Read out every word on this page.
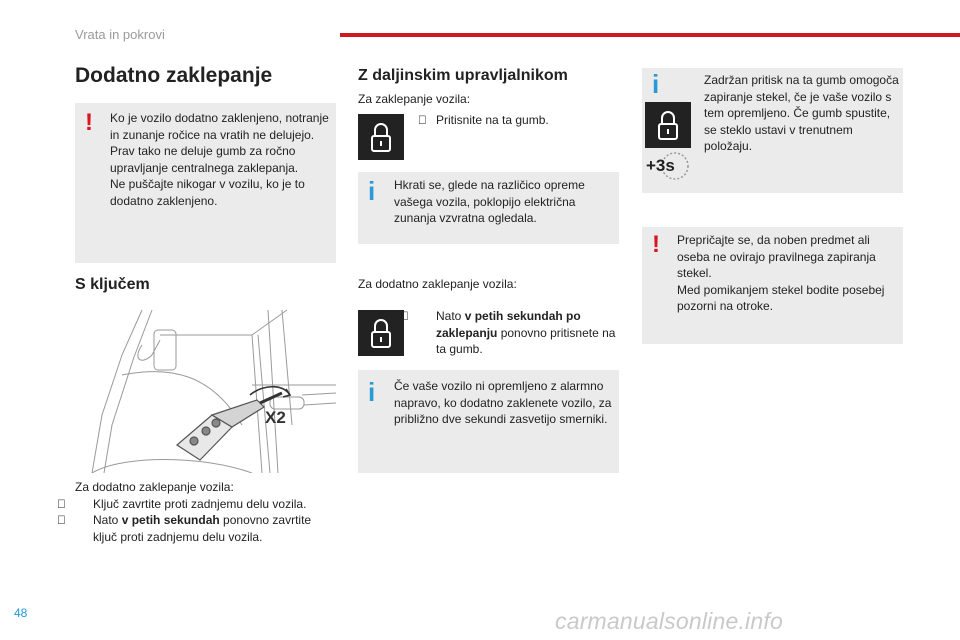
Vrata in pokrovi
Dodatno zaklepanje
! Ko je vozilo dodatno zaklenjeno, notranje in zunanje ročice na vratih ne delujejo.
Prav tako ne deluje gumb za ročno upravljanje centralnega zaklepanja.
Ne puščajte nikogar v vozilu, ko je to dodatno zaklenjeno.
S ključem
X2
Za dodatno zaklepanje vozila:
Ključ zavrtite proti zadnjemu delu vozila.
Nato v petih sekundah ponovno zavrtite ključ proti zadnjemu delu vozila.
Z daljinskim upravljalnikom
Za zaklepanje vozila:
Pritisnite na ta gumb.
i Hkrati se, glede na različico opreme vašega vozila, poklopijo električna zunanja vzvratna ogledala.
Za dodatno zaklepanje vozila:
Nato v petih sekundah po zaklepanju ponovno pritisnete na ta gumb.
i Če vaše vozilo ni opremljeno z alarmno napravo, ko dodatno zaklenete vozilo, za približno dve sekundi zasvetijo smerniki.
i	Zadržan pritisk na ta gumb omogoča zapiranje stekel, če je vaše vozilo s tem opremljeno. Če gumb spustite, se steklo ustavi v trenutnem položaju.
+3s
! Prepričajte se, da noben predmet ali oseba ne ovirajo pravilnega zapiranja stekel.
Med pomikanjem stekel bodite posebej pozorni na otroke.
48	carmanualsonline.info
